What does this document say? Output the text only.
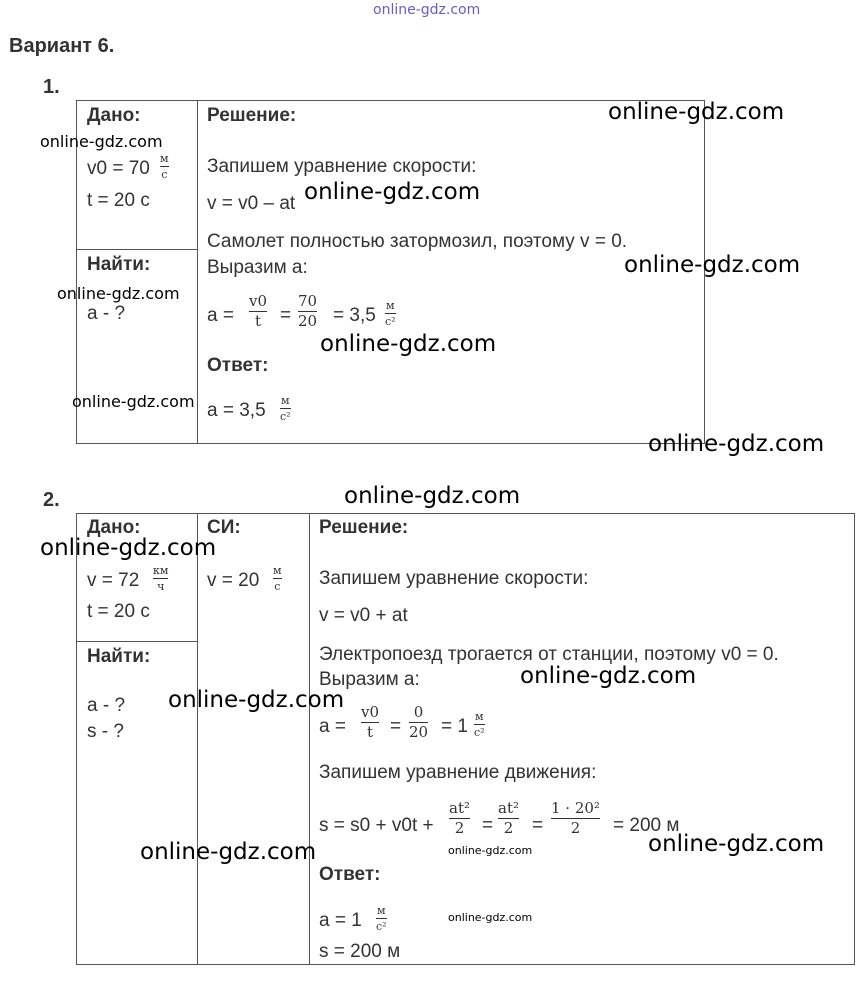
online-gdz.com
Вариант 6.
1.
Дано:
v0 = 70 м
с
t = 20 с
Найти:
a - ?
Решение:
Запишем уравнение скорости:
v = v0 – at
Самолет полностью затормозил, поэтому v = 0.
Выразим a:
a =
v0
t =
70
20 = 3,5 м
с²
Ответ:
a = 3,5 м
с²
2.
Дано:
v = 72 км
ч
t = 20 с
СИ:
v = 20 м
с
Найти:
a - ?
s - ?
Решение:
Запишем уравнение скорости:
v = v0 + at
Электропоезд трогается от станции, поэтому v0 = 0.
Выразим a:
a =
v0
t =
0
20 = 1 м
с²
Запишем уравнение движения:
s = s0 + v0t +
at²
2 =
at²
2 =
1 · 20²
2 = 200 м
Ответ:
a = 1 м
с²
s = 200 м
online-gdz.com
online-gdz.com
online-gdz.com
online-gdz.com
online-gdz.com
online-gdz.com
online-gdz.com
online-gdz.com
online-gdz.com
online-gdz.com
online-gdz.com
online-gdz.com
online-gdz.com
online-gdz.com	online-gdz.com
online-gdz.com
